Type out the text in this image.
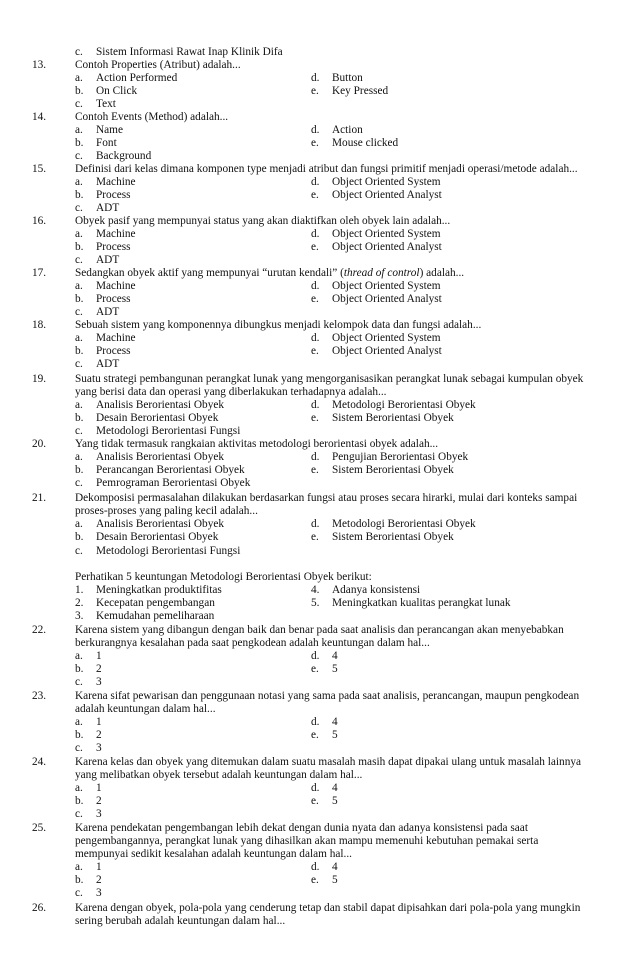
c. Sistem Informasi Rawat Inap Klinik Difa
13.	Contoh Properties (Atribut) adalah...
a. Action Performed	d. Button
b. On Click	e. Key Pressed
c. Text
14.	Contoh Events (Method) adalah...
a. Name	d. Action
b. Font	e. Mouse clicked
c. Background
15.	Definisi dari kelas dimana komponen type menjadi atribut dan fungsi primitif menjadi operasi/metode adalah...
a. Machine	d. Object Oriented System
b. Process	e. Object Oriented Analyst
c. ADT
16.	Obyek pasif yang mempunyai status yang akan diaktifkan oleh obyek lain adalah...
a. Machine	d. Object Oriented System
b. Process	e. Object Oriented Analyst
c. ADT
17.	Sedangkan obyek aktif yang mempunyai “urutan kendali” (thread of control) adalah...
a. Machine	d. Object Oriented System
b. Process	e. Object Oriented Analyst
c. ADT
18.	Sebuah sistem yang komponennya dibungkus menjadi kelompok data dan fungsi adalah...
a. Machine	d. Object Oriented System
b. Process	e. Object Oriented Analyst
c. ADT
19.	Suatu strategi pembangunan perangkat lunak yang mengorganisasikan perangkat lunak sebagai kumpulan obyek
yang berisi data dan operasi yang diberlakukan terhadapnya adalah...
a. Analisis Berorientasi Obyek	d. Metodologi Berorientasi Obyek
b. Desain Berorientasi Obyek	e. Sistem Berorientasi Obyek
c. Metodologi Berorientasi Fungsi
20.	Yang tidak termasuk rangkaian aktivitas metodologi berorientasi obyek adalah...
a. Analisis Berorientasi Obyek	d. Pengujian Berorientasi Obyek
b. Perancangan Berorientasi Obyek	e. Sistem Berorientasi Obyek
c. Pemrograman Berorientasi Obyek
21.	Dekomposisi permasalahan dilakukan berdasarkan fungsi atau proses secara hirarki, mulai dari konteks sampai
proses-proses yang paling kecil adalah...
a. Analisis Berorientasi Obyek	d. Metodologi Berorientasi Obyek
b. Desain Berorientasi Obyek	e. Sistem Berorientasi Obyek
c. Metodologi Berorientasi Fungsi
Perhatikan 5 keuntungan Metodologi Berorientasi Obyek berikut:
1. Meningkatkan produktifitas	4. Adanya konsistensi
2. Kecepatan pengembangan	5. Meningkatkan kualitas perangkat lunak
3. Kemudahan pemeliharaan
22.	Karena sistem yang dibangun dengan baik dan benar pada saat analisis dan perancangan akan menyebabkan
berkurangnya kesalahan pada saat pengkodean adalah keuntungan dalam hal...
a. 1	d. 4
b. 2	e. 5
c. 3
23.	Karena sifat pewarisan dan penggunaan notasi yang sama pada saat analisis, perancangan, maupun pengkodean
adalah keuntungan dalam hal...
a. 1	d. 4
b. 2	e. 5
c. 3
24.	Karena kelas dan obyek yang ditemukan dalam suatu masalah masih dapat dipakai ulang untuk masalah lainnya
yang melibatkan obyek tersebut adalah keuntungan dalam hal...
a. 1	d. 4
b. 2	e. 5
c. 3
25.	Karena pendekatan pengembangan lebih dekat dengan dunia nyata dan adanya konsistensi pada saat
pengembangannya, perangkat lunak yang dihasilkan akan mampu memenuhi kebutuhan pemakai serta
mempunyai sedikit kesalahan adalah keuntungan dalam hal...
a. 1	d. 4
b. 2	e. 5
c. 3
26.	Karena dengan obyek, pola-pola yang cenderung tetap dan stabil dapat dipisahkan dari pola-pola yang mungkin
sering berubah adalah keuntungan dalam hal...
